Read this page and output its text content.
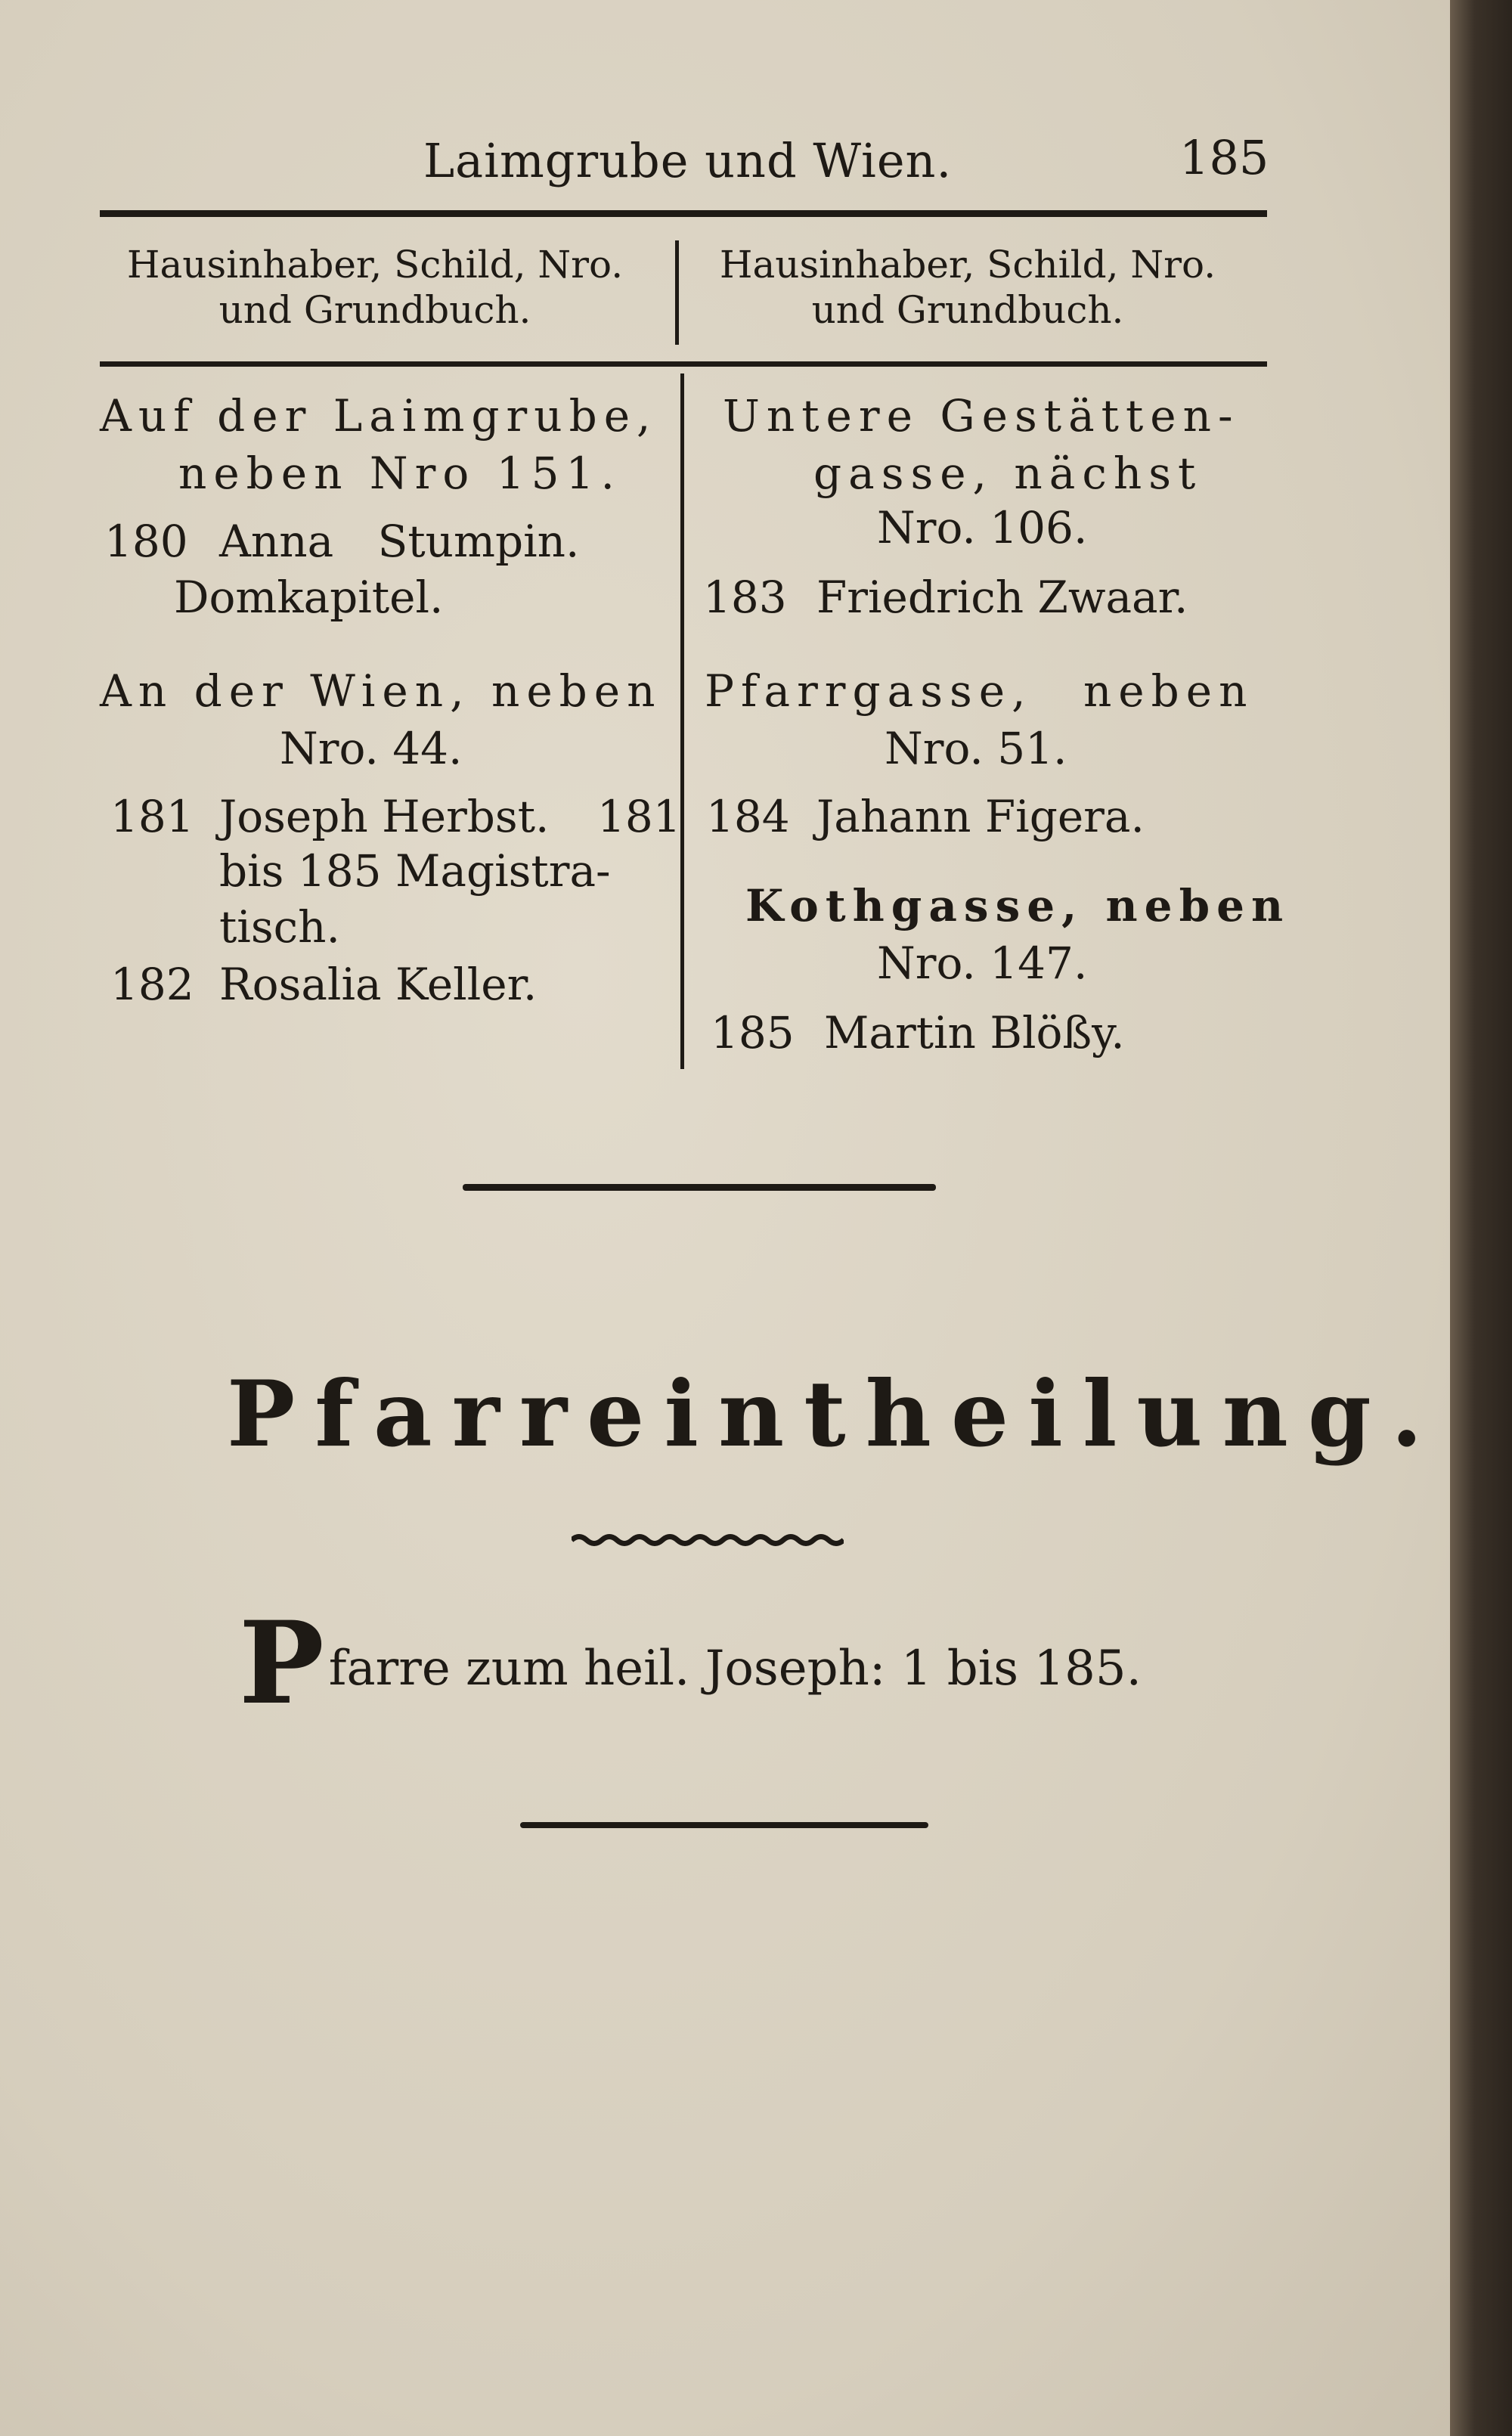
Laimgrube und Wien.	185
Hausinhaber, Schild, Nro.
und Grundbuch.
Hausinhaber, Schild, Nro.
und Grundbuch.
Auf der Laimgrube,
neben Nro 151.
180 Anna Stumpin.
Domkapitel.
An der Wien, neben
Nro. 44.
181 Joseph Herbst. 181
bis 185 Magistra-
tisch.
182 Rosalia Keller.
Untere Gestätten-
gasse, nächst
Nro. 106.
183 Friedrich Zwaar.
Pfarrgasse, neben
Nro. 51.
184 Jahann Figera.
Kothgasse, neben
Nro. 147.
185 Martin Blößy.
Pfarreintheilung.
Pfarre zum heil. Joseph: 1 bis 185.
